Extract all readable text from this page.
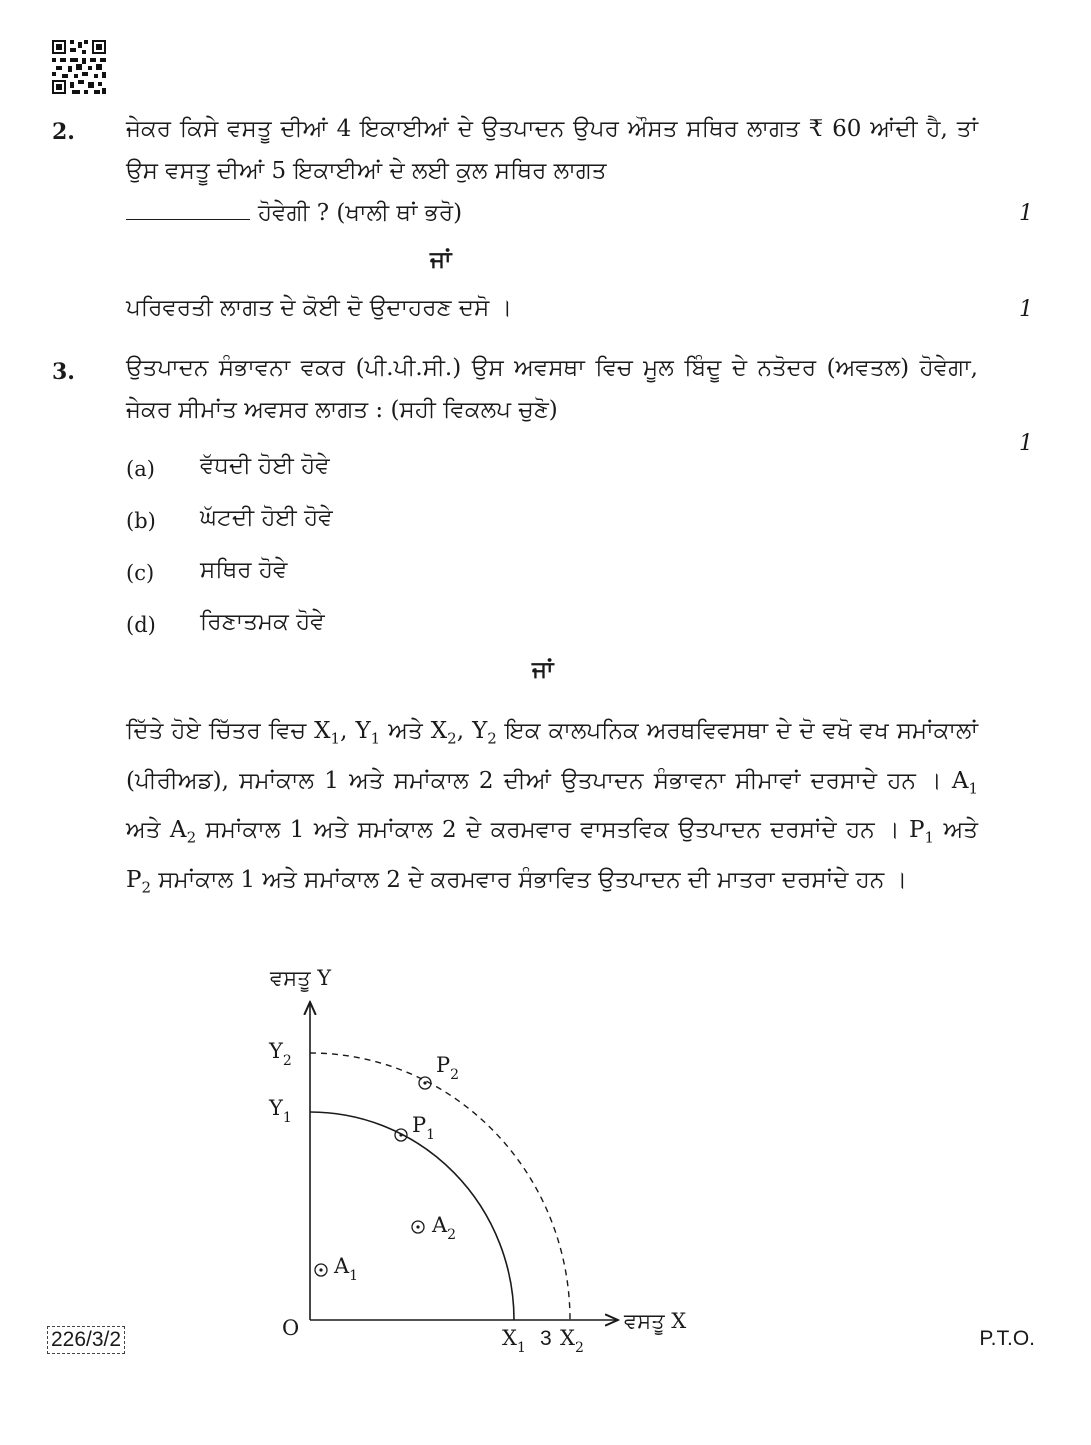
2. ਜੇਕਰ ਕਿਸੇ ਵਸਤੂ ਦੀਆਂ 4 ਇਕਾਈਆਂ ਦੇ ਉਤਪਾਦਨ ਉਪਰ ਔਸਤ ਸਥਿਰ ਲਾਗਤ ₹ 60 ਆਂਦੀ ਹੈ, ਤਾਂ ਉਸ ਵਸਤੂ ਦੀਆਂ 5 ਇਕਾਈਆਂ ਦੇ ਲਈ ਕੁਲ ਸਥਿਰ ਲਾਗਤ
ਹੋਵੇਗੀ ? (ਖਾਲੀ ਥਾਂ ਭਰੋ)	1
ਜਾਂ
ਪਰਿਵਰਤੀ ਲਾਗਤ ਦੇ ਕੋਈ ਦੋ ਉਦਾਹਰਣ ਦਸੋ ।	1
3. ਉਤਪਾਦਨ ਸੰਭਾਵਨਾ ਵਕਰ (ਪੀ.ਪੀ.ਸੀ.) ਉਸ ਅਵਸਥਾ ਵਿਚ ਮੂਲ ਬਿੰਦੂ ਦੇ ਨਤੋਦਰ (ਅਵਤਲ) ਹੋਵੇਗਾ, ਜੇਕਰ ਸੀਮਾਂਤ ਅਵਸਰ ਲਾਗਤ : (ਸਹੀ ਵਿਕਲਪ ਚੁਣੋ)
1
(a) ਵੱਧਦੀ ਹੋਈ ਹੋਵੇ
(b) ਘੱਟਦੀ ਹੋਈ ਹੋਵੇ
(c) ਸਥਿਰ ਹੋਵੇ
(d) ਰਿਣਾਤਮਕ ਹੋਵੇ
ਜਾਂ
ਦਿੱਤੇ ਹੋਏ ਚਿੱਤਰ ਵਿਚ $X_1$, $Y_1$ ਅਤੇ $X_2$, $Y_2$ ਇਕ ਕਾਲਪਨਿਕ ਅਰਥਵਿਵਸਥਾ ਦੇ ਦੋ ਵਖੋ ਵਖ ਸਮਾਂਕਾਲਾਂ (ਪੀਰੀਅਡ), ਸਮਾਂਕਾਲ 1 ਅਤੇ ਸਮਾਂਕਾਲ 2 ਦੀਆਂ ਉਤਪਾਦਨ ਸੰਭਾਵਨਾ ਸੀਮਾਵਾਂ ਦਰਸਾਦੇ ਹਨ । $A_1$ ਅਤੇ $A_2$ ਸਮਾਂਕਾਲ 1 ਅਤੇ ਸਮਾਂਕਾਲ 2 ਦੇ ਕਰਮਵਾਰ ਵਾਸਤਵਿਕ ਉਤਪਾਦਨ ਦਰਸਾਂਦੇ ਹਨ । $P_1$ ਅਤੇ $P_2$ ਸਮਾਂਕਾਲ 1 ਅਤੇ ਸਮਾਂਕਾਲ 2 ਦੇ ਕਰਮਵਾਰ ਸੰਭਾਵਿਤ ਉਤਪਾਦਨ ਦੀ ਮਾਤਰਾ ਦਰਸਾਂਦੇ ਹਨ ।
ਵਸਤੂ Y
ਵਸਤੂ X
O
$Y_2$
$Y_1$
$X_1$ $X_2$
$P_2$
$P_1$
$A_2$
$A_1$
226/3/2	3	P.T.O.
